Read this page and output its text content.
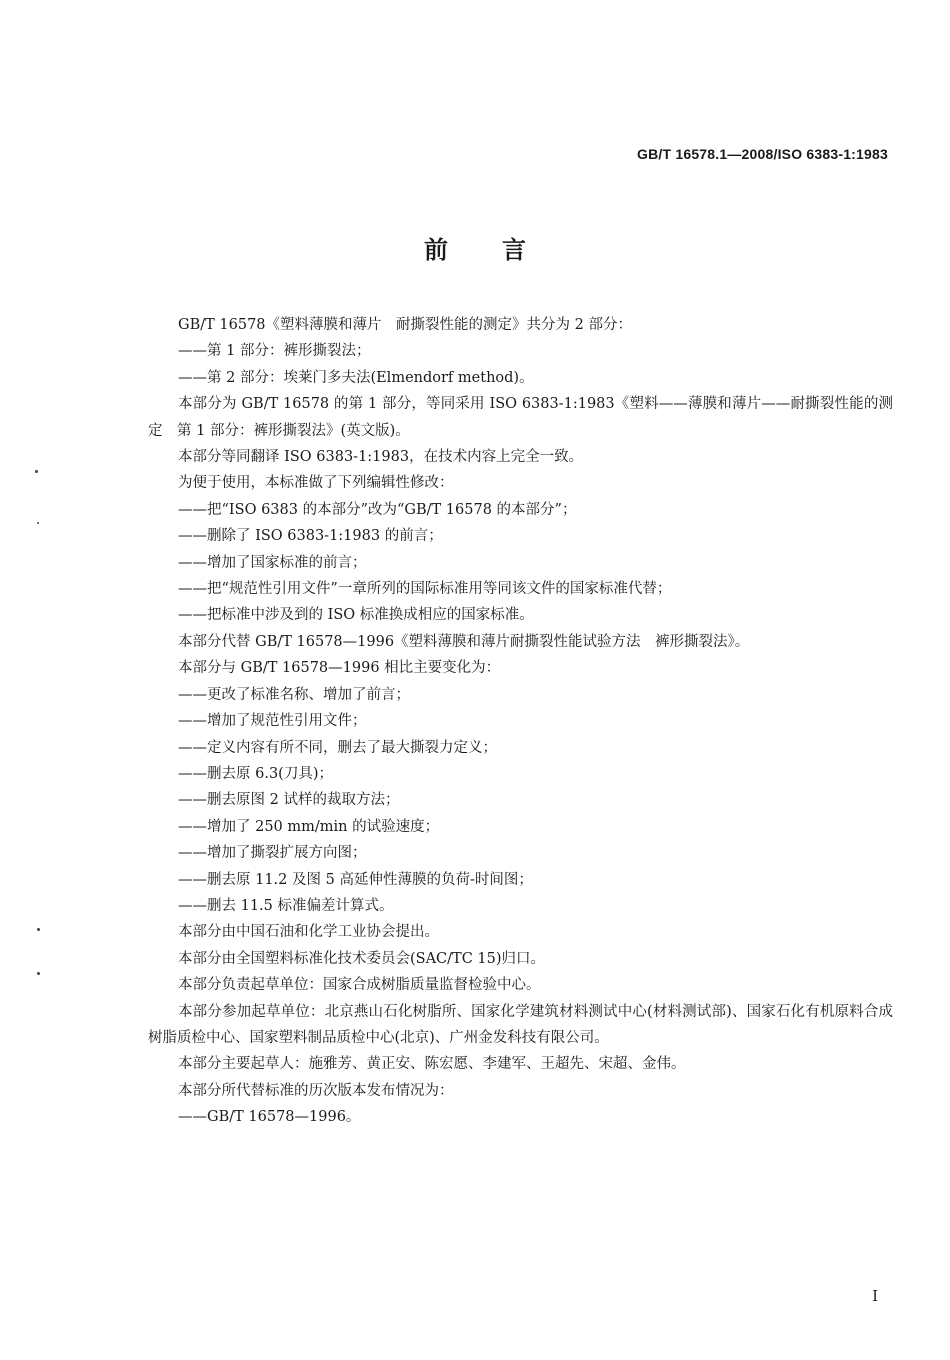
GB/T 16578.1—2008/ISO 6383-1:1983
前言

GB/T 16578《塑料薄膜和薄片　耐撕裂性能的测定》共分为 2 部分：

——第 1 部分：裤形撕裂法；

——第 2 部分：埃莱门多夫法(Elmendorf method)。

本部分为 GB/T 16578 的第 1 部分，等同采用 ISO 6383-1:1983《塑料——薄膜和薄片——耐撕裂性能的测定　第 1 部分：裤形撕裂法》(英文版)。

本部分等同翻译 ISO 6383-1:1983，在技术内容上完全一致。

为便于使用，本标准做了下列编辑性修改：

——把“ISO 6383 的本部分”改为“GB/T 16578 的本部分”；

——删除了 ISO 6383-1:1983 的前言；

——增加了国家标准的前言；

——把“规范性引用文件”一章所列的国际标准用等同该文件的国家标准代替；

——把标准中涉及到的 ISO 标准换成相应的国家标准。

本部分代替 GB/T 16578—1996《塑料薄膜和薄片耐撕裂性能试验方法　裤形撕裂法》。

本部分与 GB/T 16578—1996 相比主要变化为：

——更改了标准名称、增加了前言；

——增加了规范性引用文件；

——定义内容有所不同，删去了最大撕裂力定义；

——删去原 6.3(刀具)；

——删去原图 2 试样的裁取方法；

——增加了 250 mm/min 的试验速度；

——增加了撕裂扩展方向图；

——删去原 11.2 及图 5 高延伸性薄膜的负荷-时间图；

——删去 11.5 标准偏差计算式。

本部分由中国石油和化学工业协会提出。

本部分由全国塑料标准化技术委员会(SAC/TC 15)归口。

本部分负责起草单位：国家合成树脂质量监督检验中心。

本部分参加起草单位：北京燕山石化树脂所、国家化学建筑材料测试中心(材料测试部)、国家石化有机原料合成树脂质检中心、国家塑料制品质检中心(北京)、广州金发科技有限公司。

本部分主要起草人：施雅芳、黄正安、陈宏愿、李建军、王超先、宋超、金伟。

本部分所代替标准的历次版本发布情况为：

——GB/T 16578—1996。

I
